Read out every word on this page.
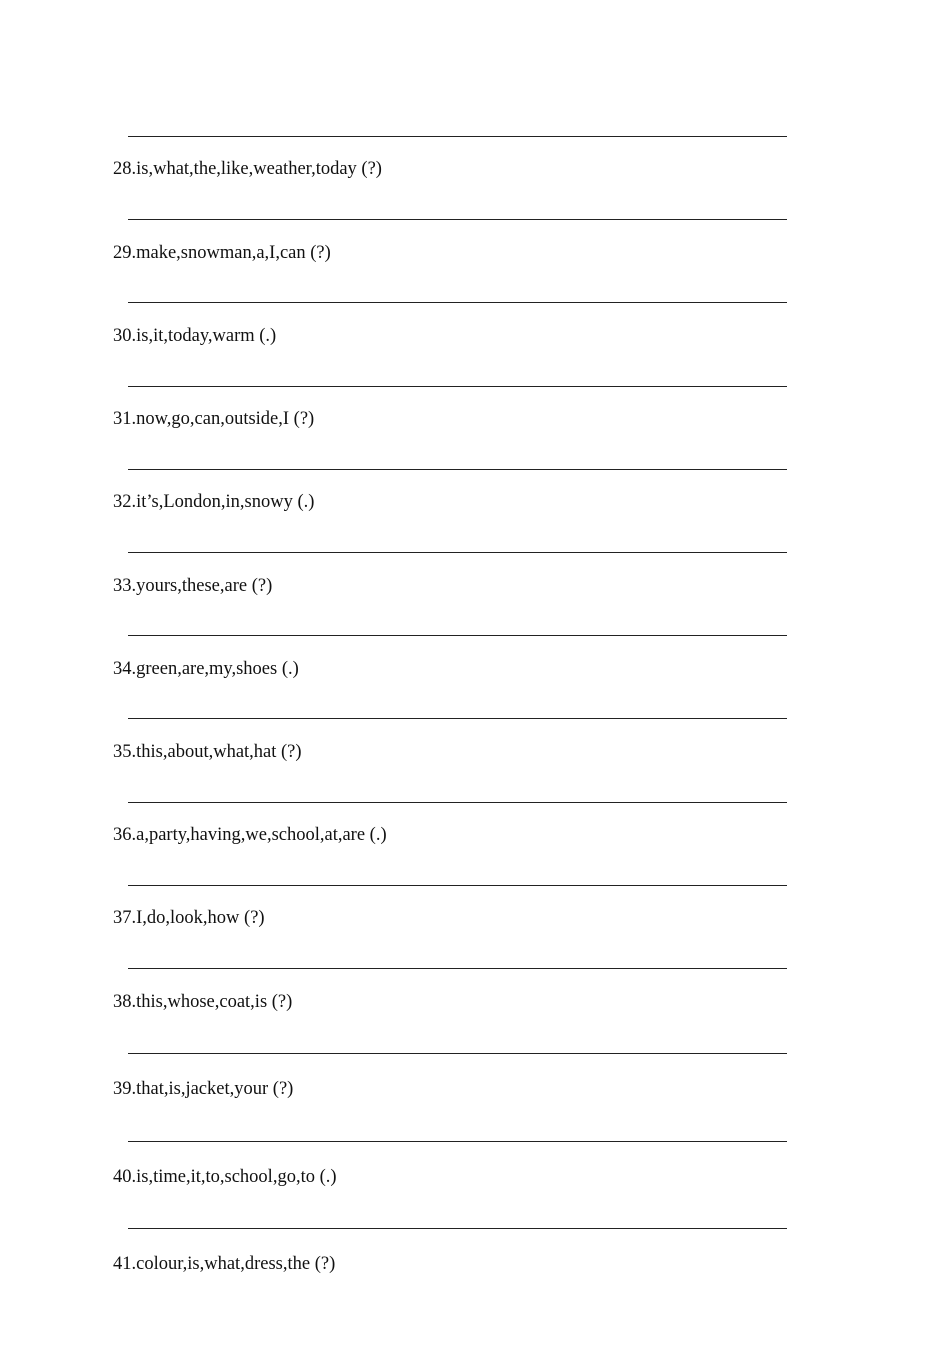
28.is,what,the,like,weather,today (?)
29.make,snowman,a,I,can (?)
30.is,it,today,warm (.)
31.now,go,can,outside,I (?)
32.it’s,London,in,snowy (.)
33.yours,these,are (?)
34.green,are,my,shoes (.)
35.this,about,what,hat (?)
36.a,party,having,we,school,at,are (.)
37.I,do,look,how (?)
38.this,whose,coat,is (?)
39.that,is,jacket,your (?)
40.is,time,it,to,school,go,to (.)
41.colour,is,what,dress,the (?)
